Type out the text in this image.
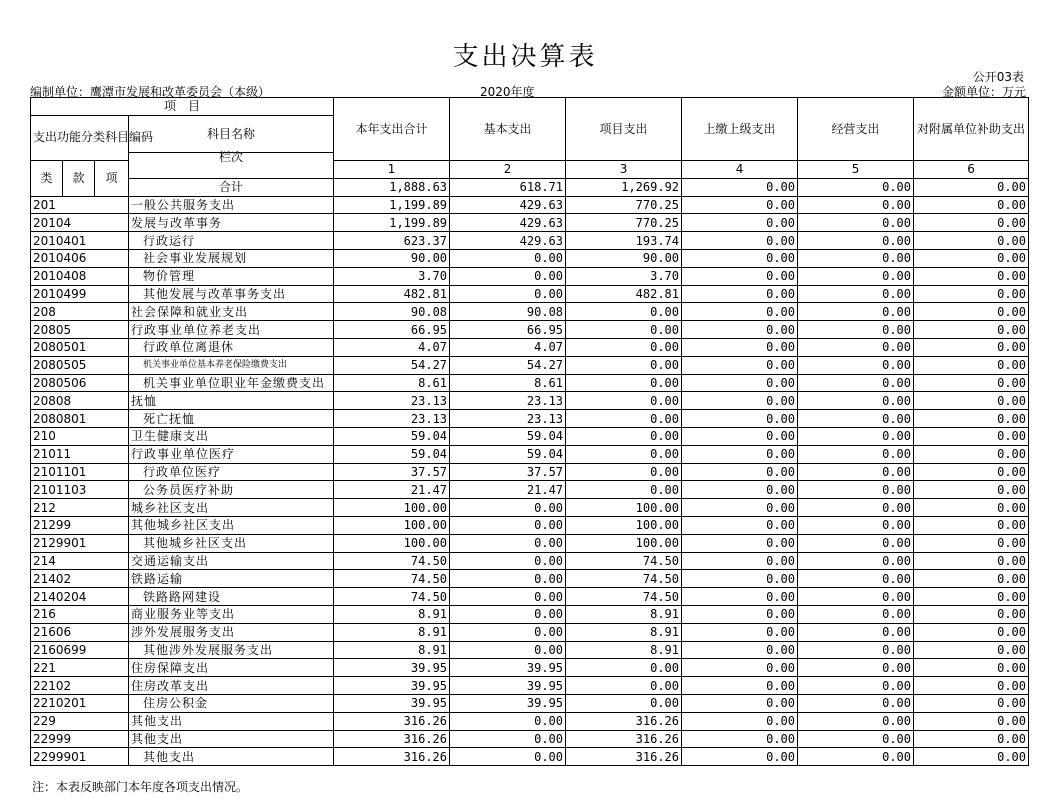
支出决算表
公开03表
编制单位：鹰潭市发展和改革委员会（本级）	2020年度	金额单位：万元
项　目				本年支出合计	基本支出	项目支出	上缴上级支出	经营支出	对附属单位补助支出
支出功能分类科目编码			科目名称						
			栏次						
类	款	项		1	2	3	4	5	6
			合计	1,888.63	618.71	1,269.92	0.00	0.00	0.00
201			一般公共服务支出	1,199.89	429.63	770.25	0.00	0.00	0.00
20104			发展与改革事务	1,199.89	429.63	770.25	0.00	0.00	0.00
2010401			行政运行	623.37	429.63	193.74	0.00	0.00	0.00
2010406			社会事业发展规划	90.00	0.00	90.00	0.00	0.00	0.00
2010408			物价管理	3.70	0.00	3.70	0.00	0.00	0.00
2010499			其他发展与改革事务支出	482.81	0.00	482.81	0.00	0.00	0.00
208			社会保障和就业支出	90.08	90.08	0.00	0.00	0.00	0.00
20805			行政事业单位养老支出	66.95	66.95	0.00	0.00	0.00	0.00
2080501			行政单位离退休	4.07	4.07	0.00	0.00	0.00	0.00
2080505			机关事业单位基本养老保险缴费支出	54.27	54.27	0.00	0.00	0.00	0.00
2080506			机关事业单位职业年金缴费支出	8.61	8.61	0.00	0.00	0.00	0.00
20808			抚恤	23.13	23.13	0.00	0.00	0.00	0.00
2080801			死亡抚恤	23.13	23.13	0.00	0.00	0.00	0.00
210			卫生健康支出	59.04	59.04	0.00	0.00	0.00	0.00
21011			行政事业单位医疗	59.04	59.04	0.00	0.00	0.00	0.00
2101101			行政单位医疗	37.57	37.57	0.00	0.00	0.00	0.00
2101103			公务员医疗补助	21.47	21.47	0.00	0.00	0.00	0.00
212			城乡社区支出	100.00	0.00	100.00	0.00	0.00	0.00
21299			其他城乡社区支出	100.00	0.00	100.00	0.00	0.00	0.00
2129901			其他城乡社区支出	100.00	0.00	100.00	0.00	0.00	0.00
214			交通运输支出	74.50	0.00	74.50	0.00	0.00	0.00
21402			铁路运输	74.50	0.00	74.50	0.00	0.00	0.00
2140204			铁路路网建设	74.50	0.00	74.50	0.00	0.00	0.00
216			商业服务业等支出	8.91	0.00	8.91	0.00	0.00	0.00
21606			涉外发展服务支出	8.91	0.00	8.91	0.00	0.00	0.00
2160699			其他涉外发展服务支出	8.91	0.00	8.91	0.00	0.00	0.00
221			住房保障支出	39.95	39.95	0.00	0.00	0.00	0.00
22102			住房改革支出	39.95	39.95	0.00	0.00	0.00	0.00
2210201			住房公积金	39.95	39.95	0.00	0.00	0.00	0.00
229			其他支出	316.26	0.00	316.26	0.00	0.00	0.00
22999			其他支出	316.26	0.00	316.26	0.00	0.00	0.00
2299901			其他支出	316.26	0.00	316.26	0.00	0.00	0.00
注：本表反映部门本年度各项支出情况。
